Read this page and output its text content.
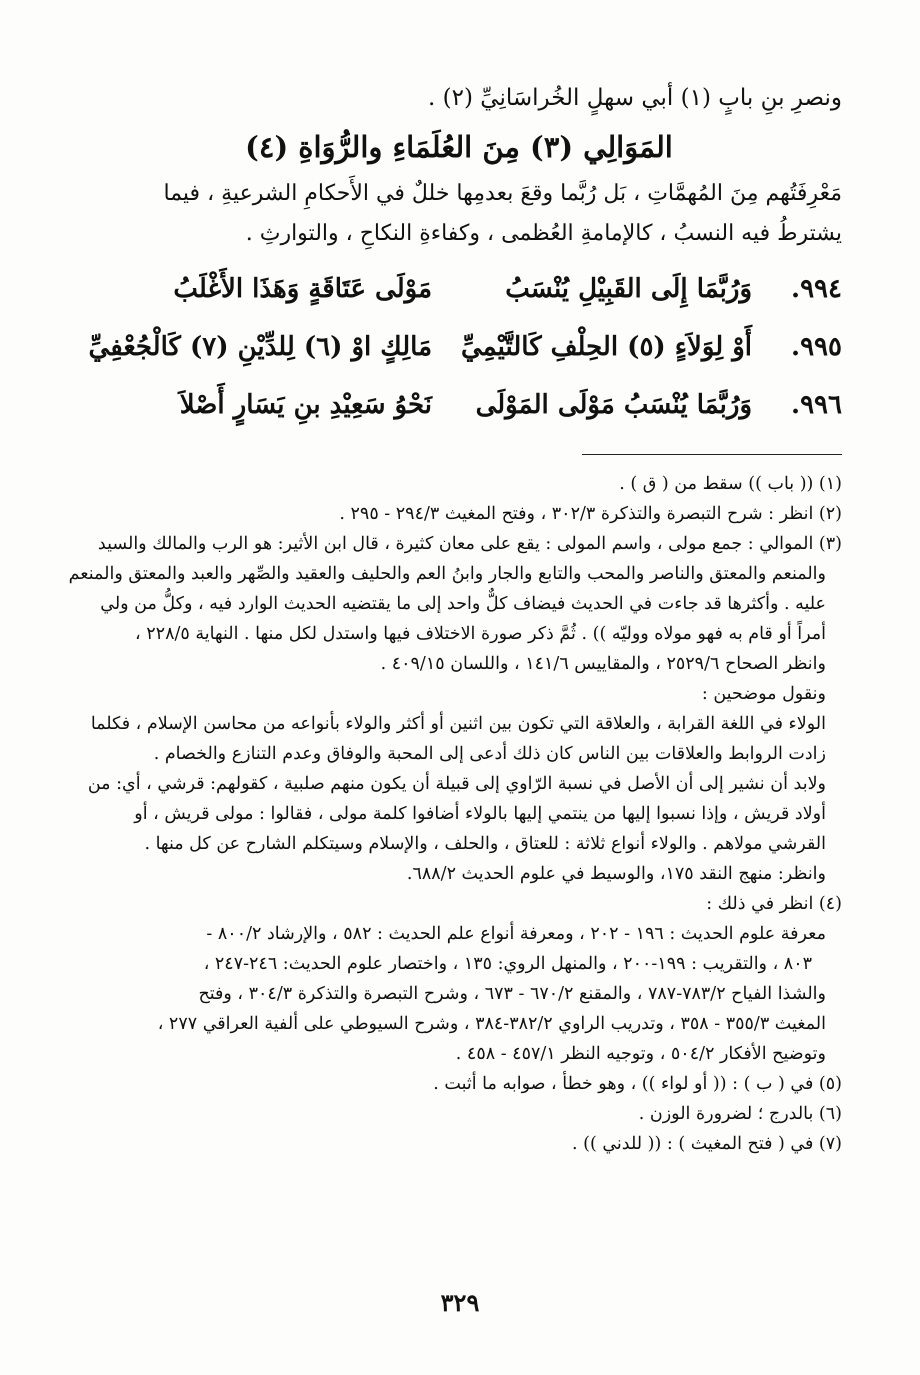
ونصرِ بنِ بابٍ (١) أبي سهلٍ الخُراسَانِيِّ (٢) .

المَوَالِي (٣) مِنَ العُلَمَاءِ والرُّوَاةِ (٤)

مَعْرِفَتُهم مِنَ المُهمَّاتِ ، بَل رُبَّما وقعَ بعدمِها خللٌ في الأَحكامِ الشرعيةِ ، فيما

يشترطُ فيه النسبُ ، كالإمامةِ العُظمى ، وكفاءةِ النكاحِ ، والتوارثِ .

٩٩٤.
وَرُبَّمَا إِلَى القَبِيْلِ يُنْسَبُ
مَوْلَى عَتَاقَةٍ وَهَذَا الأَغْلَبُ
٩٩٥.
أَوْ لِوَلاَءٍ (٥) الحِلْفِ كَالتَّيْمِيِّ
مَالِكٍ اوْ (٦) لِلدِّيْنِ (٧) كَالْجُعْفِيِّ
٩٩٦.
وَرُبَّمَا يُنْسَبُ مَوْلَى المَوْلَى
نَحْوُ سَعِيْدِ بنِ يَسَارٍ أَصْلاَ

(١) (( باب )) سقط من ( ق ) .

(٢) انظر : شرح التبصرة والتذكرة ٣٠٢/٣ ، وفتح المغيث ٢٩٤/٣ - ٢٩٥ .

(٣) الموالي : جمع مولى ، واسم المولى : يقع على معان كثيرة ، قال ابن الأثير: هو الرب والمالك والسيد

والمنعم والمعتق والناصر والمحب والتابع والجار وابنُ العم والحليف والعقيد والصِّهر والعبد والمعتق والمنعم

عليه . وأكثرها قد جاءت في الحديث فيضاف كلٌّ واحد إلى ما يقتضيه الحديث الوارد فيه ، وكلُّ من ولي

أمراً أو قام به فهو مولاه ووليّه )) . ثُمَّ ذكر صورة الاختلاف فيها واستدل لكل منها . النهاية ٢٢٨/٥ ،

وانظر الصحاح ٢٥٢٩/٦ ، والمقاييس ١٤١/٦ ، واللسان ٤٠٩/١٥ .

ونقول موضحين :

الولاء في اللغة القرابة ، والعلاقة التي تكون بين اثنين أو أكثر والولاء بأنواعه من محاسن الإسلام ، فكلما

زادت الروابط والعلاقات بين الناس كان ذلك أدعى إلى المحبة والوفاق وعدم التنازع والخصام .

ولابد أن نشير إلى أن الأصل في نسبة الرّاوي إلى قبيلة أن يكون منهم صلبية ، كقولهم: قرشي ، أي: من

أولاد قريش ، وإذا نسبوا إليها من ينتمي إليها بالولاء أضافوا كلمة مولى ، فقالوا : مولى قريش ، أو

القرشي مولاهم . والولاء أنواع ثلاثة : للعتاق ، والحلف ، والإسلام وسيتكلم الشارح عن كل منها .

وانظر: منهج النقد ١٧٥، والوسيط في علوم الحديث ٦٨٨/٢.

(٤) انظر في ذلك :

معرفة علوم الحديث : ١٩٦ - ٢٠٢ ، ومعرفة أنواع علم الحديث : ٥٨٢ ، والإرشاد ٨٠٠/٢ -

٨٠٣ ، والتقريب : ١٩٩-٢٠٠ ، والمنهل الروي: ١٣٥ ، واختصار علوم الحديث: ٢٤٦-٢٤٧ ،

والشذا الفياح ٧٨٣/٢-٧٨٧ ، والمقنع ٦٧٠/٢ - ٦٧٣ ، وشرح التبصرة والتذكرة ٣٠٤/٣ ، وفتح

المغيث ٣٥٥/٣ - ٣٥٨ ، وتدريب الراوي ٣٨٢/٢-٣٨٤ ، وشرح السيوطي على ألفية العراقي ٢٧٧ ،

وتوضيح الأفكار ٥٠٤/٢ ، وتوجيه النظر ٤٥٧/١ - ٤٥٨ .

(٥) في ( ب ) : (( أو لواء )) ، وهو خطأ ، صوابه ما أثبت .

(٦) بالدرج ؛ لضرورة الوزن .

(٧) في ( فتح المغيث ) : (( للدني )) .

٣٢٩
